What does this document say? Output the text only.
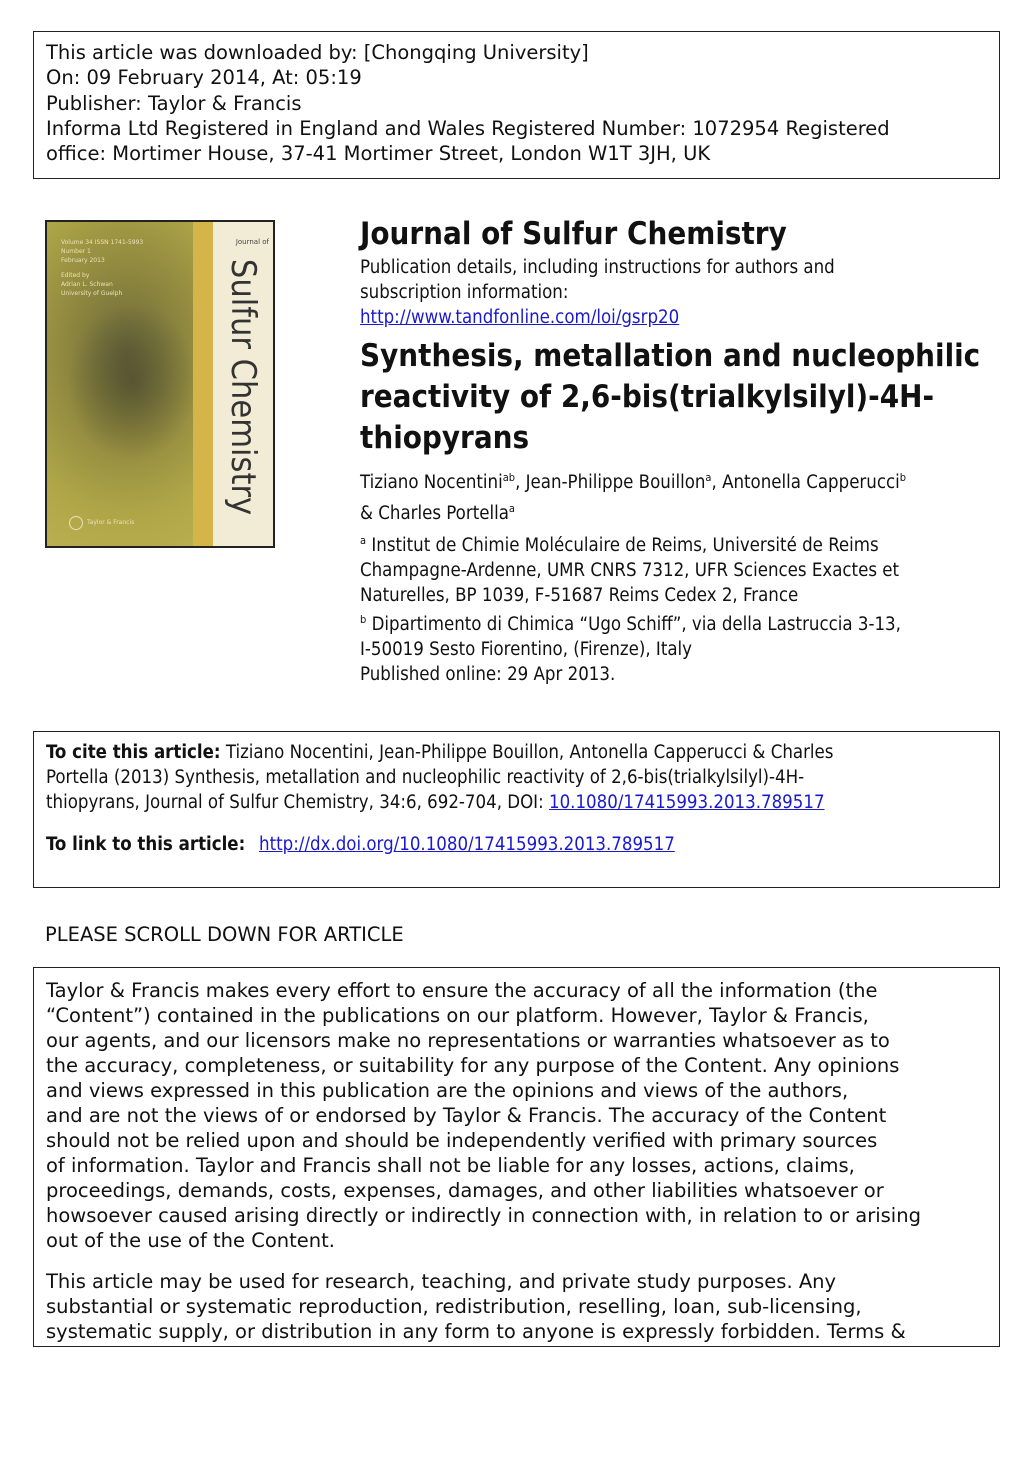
This article was downloaded by: [Chongqing University]
On: 09 February 2014, At: 05:19
Publisher: Taylor & Francis
Informa Ltd Registered in England and Wales Registered Number: 1072954 Registered
office: Mortimer House, 37-41 Mortimer Street, London W1T 3JH, UK
Volume 34 ISSN 1741-5993
Number 1
February 2013
Edited by
Adrian L. Schwan
University of Guelph
Journal of
Sulfur Chemistry
Taylor & Francis
Journal of Sulfur Chemistry
Publication details, including instructions for authors and
subscription information:
http://www.tandfonline.com/loi/gsrp20
Synthesis, metallation and nucleophilic
reactivity of 2,6-bis(trialkylsilyl)-4H-
thiopyrans
Tiziano Nocentini$^{ab}$, Jean-Philippe Bouillon$^a$, Antonella Capperucci$^b$
& Charles Portella$^a$
$^a$ Institut de Chimie Moléculaire de Reims, Université de Reims
Champagne-Ardenne, UMR CNRS 7312, UFR Sciences Exactes et
Naturelles, BP 1039, F-51687 Reims Cedex 2, France
$^b$ Dipartimento di Chimica “Ugo Schiff”, via della Lastruccia 3-13,
I-50019 Sesto Fiorentino, (Firenze), Italy
Published online: 29 Apr 2013.
To cite this article: Tiziano Nocentini, Jean-Philippe Bouillon, Antonella Capperucci & Charles
Portella (2013) Synthesis, metallation and nucleophilic reactivity of 2,6-bis(trialkylsilyl)-4H-
thiopyrans, Journal of Sulfur Chemistry, 34:6, 692-704, DOI: 10.1080/17415993.2013.789517
To link to this article: http://dx.doi.org/10.1080/17415993.2013.789517
PLEASE SCROLL DOWN FOR ARTICLE

Taylor & Francis makes every effort to ensure the accuracy of all the information (the
“Content”) contained in the publications on our platform. However, Taylor & Francis,
our agents, and our licensors make no representations or warranties whatsoever as to
the accuracy, completeness, or suitability for any purpose of the Content. Any opinions
and views expressed in this publication are the opinions and views of the authors,
and are not the views of or endorsed by Taylor & Francis. The accuracy of the Content
should not be relied upon and should be independently verified with primary sources
of information. Taylor and Francis shall not be liable for any losses, actions, claims,
proceedings, demands, costs, expenses, damages, and other liabilities whatsoever or
howsoever caused arising directly or indirectly in connection with, in relation to or arising
out of the use of the Content.

This article may be used for research, teaching, and private study purposes. Any
substantial or systematic reproduction, redistribution, reselling, loan, sub-licensing,
systematic supply, or distribution in any form to anyone is expressly forbidden. Terms &
